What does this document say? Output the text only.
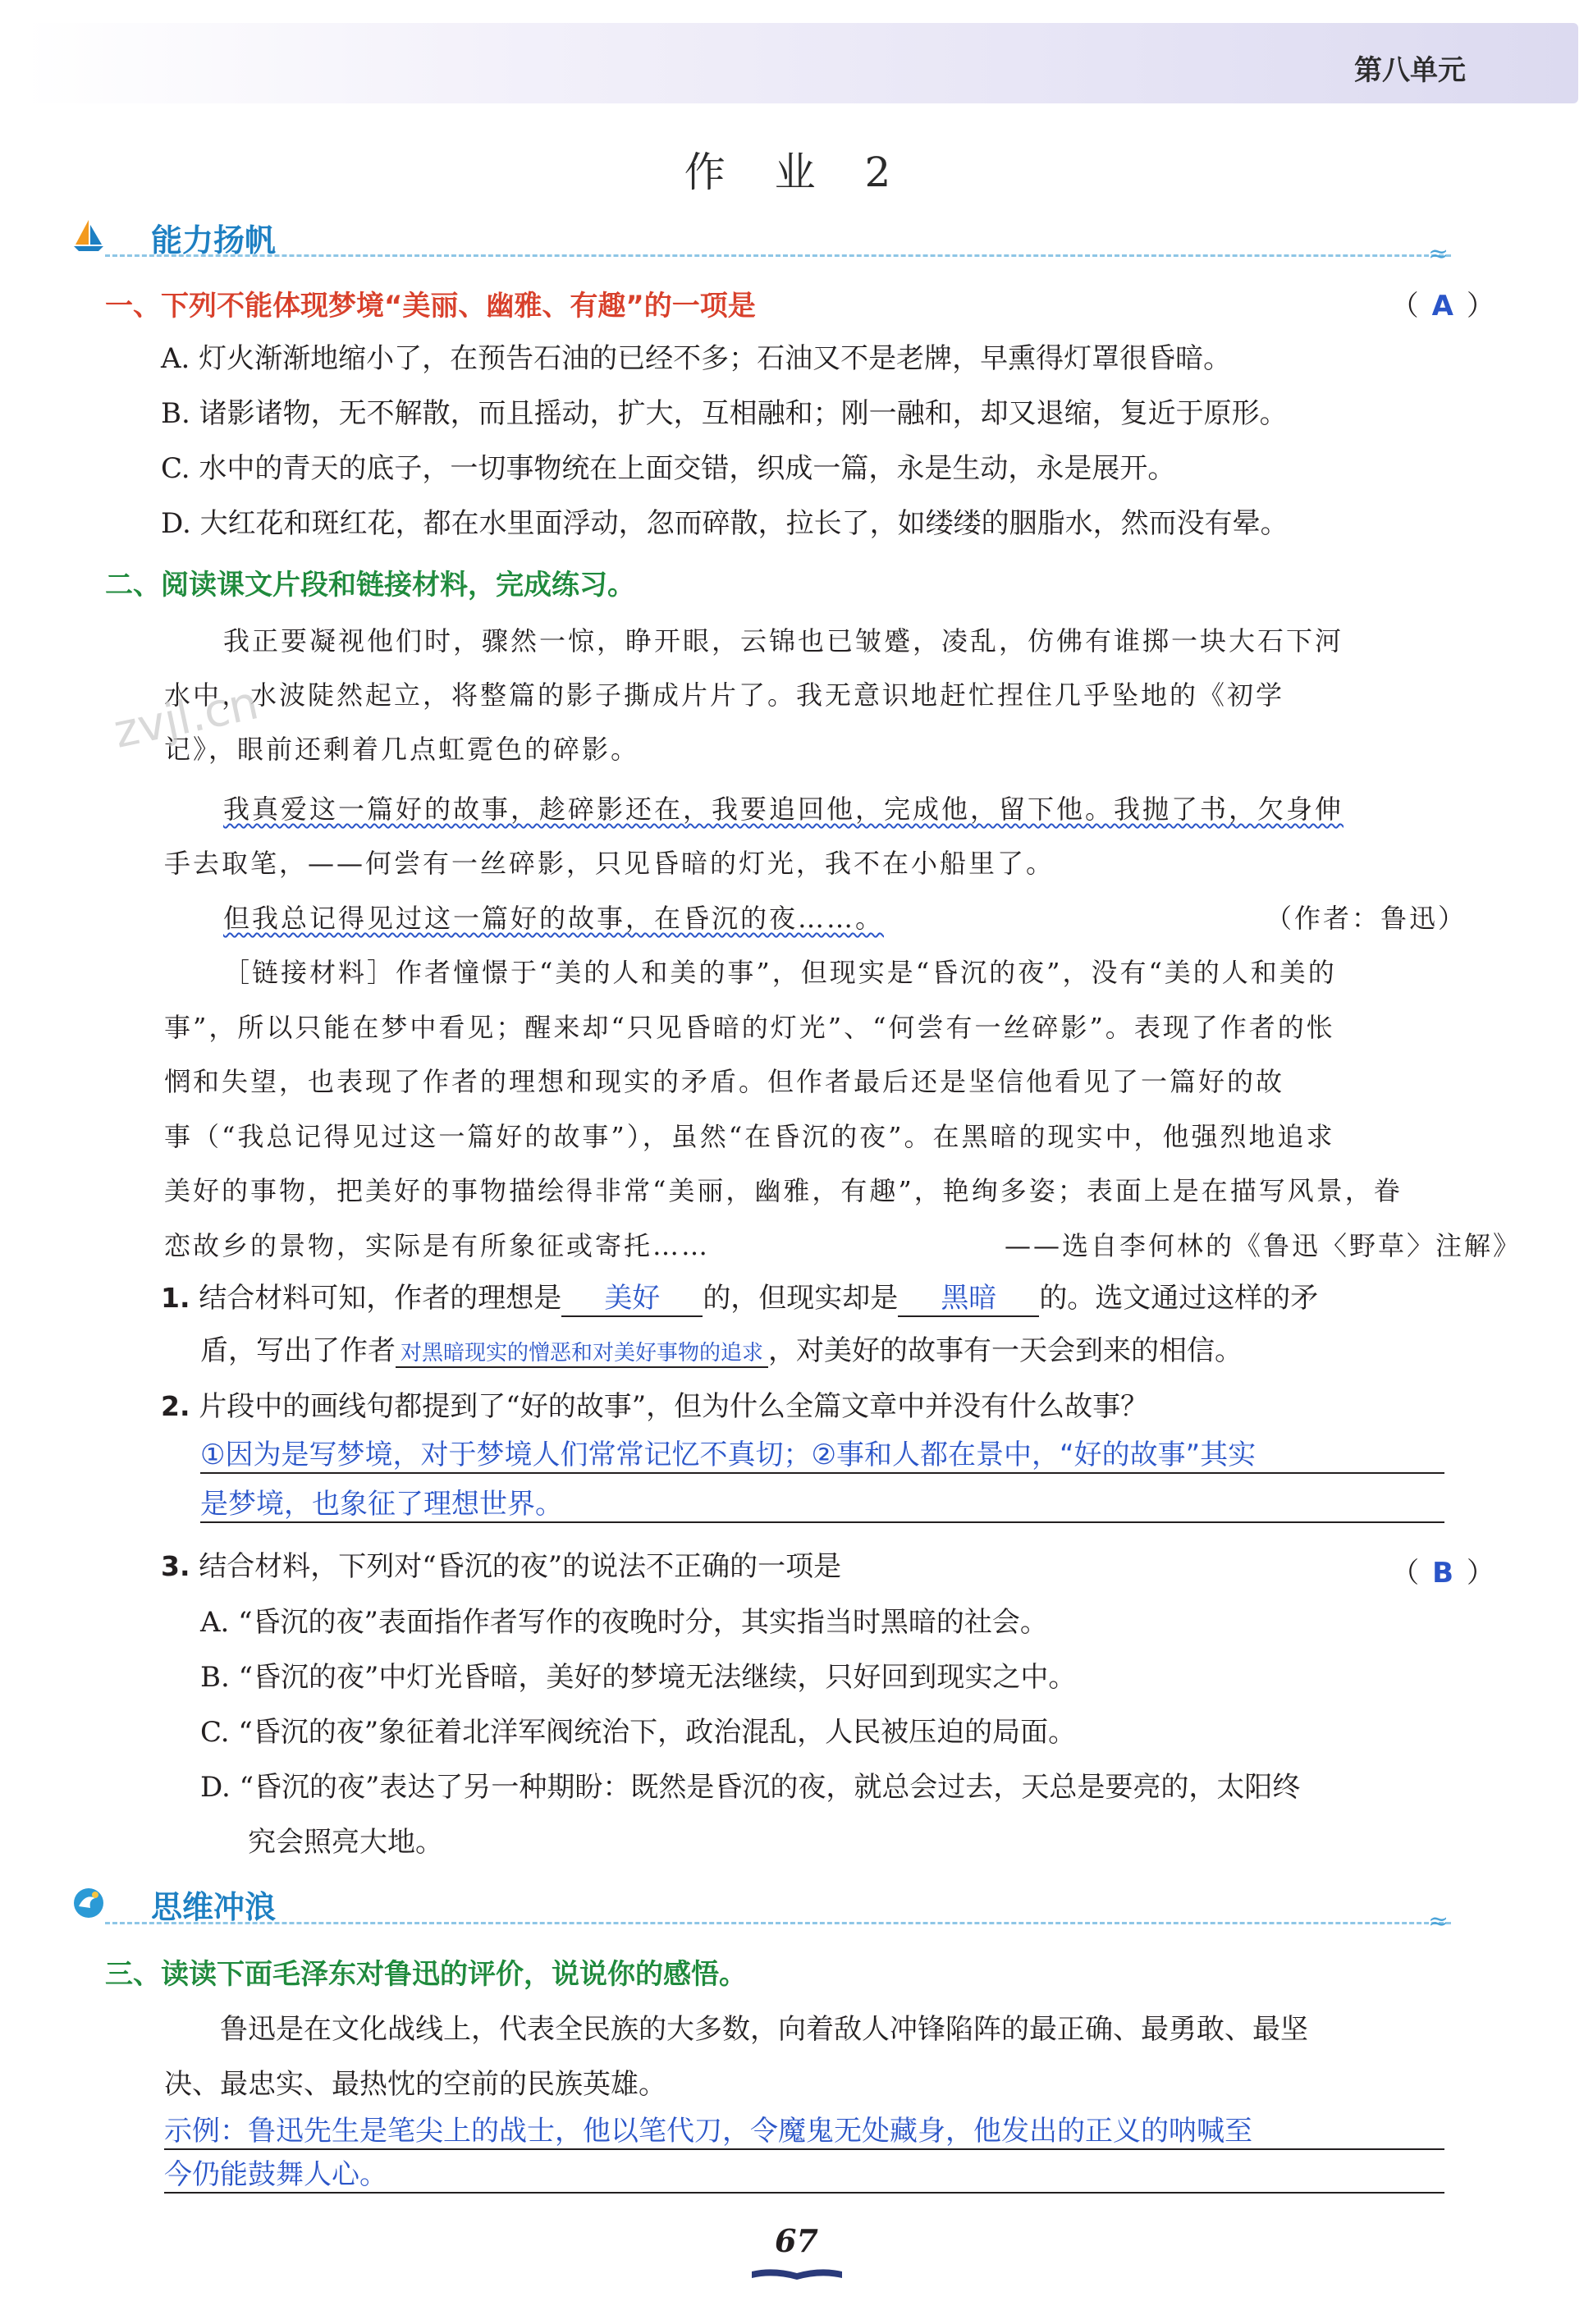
第八单元
作 业 2
能力扬帆	≈
一、下列不能体现梦境“美丽、幽雅、有趣”的一项是	（ A ）
A. 灯火渐渐地缩小了，在预告石油的已经不多；石油又不是老牌，早熏得灯罩很昏暗。
B. 诸影诸物，无不解散，而且摇动，扩大，互相融和；刚一融和，却又退缩，复近于原形。
C. 水中的青天的底子，一切事物统在上面交错，织成一篇，永是生动，永是展开。
D. 大红花和斑红花，都在水里面浮动，忽而碎散，拉长了，如缕缕的胭脂水，然而没有晕。
二、阅读课文片段和链接材料，完成练习。
我正要凝视他们时，骤然一惊，睁开眼，云锦也已皱蹙，凌乱，仿佛有谁掷一块大石下河
水中，水波陡然起立，将整篇的影子撕成片片了。我无意识地赶忙捏住几乎坠地的《初学
记》，眼前还剩着几点虹霓色的碎影。
我真爱这一篇好的故事，趁碎影还在，我要追回他，完成他，留下他。我抛了书，欠身伸
手去取笔，——何尝有一丝碎影，只见昏暗的灯光，我不在小船里了。
但我总记得见过这一篇好的故事，在昏沉的夜……。	（作者：鲁迅）
［链接材料］作者憧憬于“美的人和美的事”，但现实是“昏沉的夜”，没有“美的人和美的
事”，所以只能在梦中看见；醒来却“只见昏暗的灯光”、“何尝有一丝碎影”。表现了作者的怅
惘和失望，也表现了作者的理想和现实的矛盾。但作者最后还是坚信他看见了一篇好的故
事（“我总记得见过这一篇好的故事”），虽然“在昏沉的夜”。在黑暗的现实中，他强烈地追求
美好的事物，把美好的事物描绘得非常“美丽，幽雅，有趣”，艳绚多姿；表面上是在描写风景，眷
恋故乡的景物，实际是有所象征或寄托……	——选自李何林的《鲁迅〈野草〉注解》
1. 结合材料可知，作者的理想是 美好 的，但现实却是 黑暗 的。选文通过这样的矛
盾，写出了作者 对黑暗现实的憎恶和对美好事物的追求 ，对美好的故事有一天会到来的相信。
2. 片段中的画线句都提到了“好的故事”，但为什么全篇文章中并没有什么故事？
①因为是写梦境，对于梦境人们常常记忆不真切；②事和人都在景中，“好的故事”其实
是梦境，也象征了理想世界。
3. 结合材料，下列对“昏沉的夜”的说法不正确的一项是	（ B ）
A. “昏沉的夜”表面指作者写作的夜晚时分，其实指当时黑暗的社会。
B. “昏沉的夜”中灯光昏暗，美好的梦境无法继续，只好回到现实之中。
C. “昏沉的夜”象征着北洋军阀统治下，政治混乱，人民被压迫的局面。
D. “昏沉的夜”表达了另一种期盼：既然是昏沉的夜，就总会过去，天总是要亮的，太阳终
究会照亮大地。
思维冲浪	≈
三、读读下面毛泽东对鲁迅的评价，说说你的感悟。
鲁迅是在文化战线上，代表全民族的大多数，向着敌人冲锋陷阵的最正确、最勇敢、最坚
决、最忠实、最热忱的空前的民族英雄。
示例：鲁迅先生是笔尖上的战士，他以笔代刀，令魔鬼无处藏身，他发出的正义的呐喊至
今仍能鼓舞人心。
67
zvjl.cn
